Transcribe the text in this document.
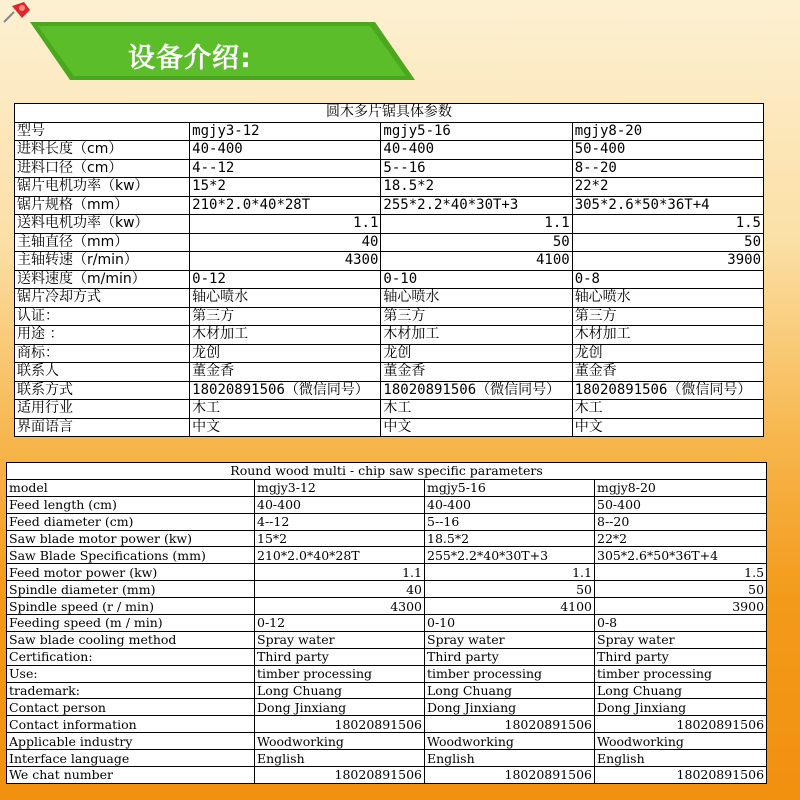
设备介绍:
圆木多片锯具体参数			
型号	mgjy3-12	mgjy5-16	mgjy8-20
进料长度（cm）	40-400	40-400	50-400
进料口径（cm）	4--12	5--16	8--20
锯片电机功率（kw）	15*2	18.5*2	22*2
锯片规格（mm）	210*2.0*40*28T	255*2.2*40*30T+3	305*2.6*50*36T+4
送料电机功率（kw）	1.1	1.1	1.5
主轴直径（mm）	40	50	50
主轴转速（r/min）	4300	4100	3900
送料速度（m/min）	0-12	0-10	0-8
锯片冷却方式	轴心喷水	轴心喷水	轴心喷水
认证：	第三方	第三方	第三方
用途 ：	木材加工	木材加工	木材加工
商标：	龙创	龙创	龙创
联系人	董金香	董金香	董金香
联系方式	18020891506（微信同号）	18020891506（微信同号）	18020891506（微信同号）
适用行业	木工	木工	木工
界面语言	中文	中文	中文
Round wood multi - chip saw specific parameters			
model	mgjy3-12	mgjy5-16	mgjy8-20
Feed length (cm)	40-400	40-400	50-400
Feed diameter (cm)	4--12	5--16	8--20
Saw blade motor power (kw)	15*2	18.5*2	22*2
Saw Blade Specifications (mm)	210*2.0*40*28T	255*2.2*40*30T+3	305*2.6*50*36T+4
Feed motor power (kw)	1.1	1.1	1.5
Spindle diameter (mm)	40	50	50
Spindle speed (r / min)	4300	4100	3900
Feeding speed (m / min)	0-12	0-10	0-8
Saw blade cooling method	Spray water	Spray water	Spray water
Certification:	Third party	Third party	Third party
Use:	timber processing	timber processing	timber processing
trademark:	Long Chuang	Long Chuang	Long Chuang
Contact person	Dong Jinxiang	Dong Jinxiang	Dong Jinxiang
Contact information	18020891506	18020891506	18020891506
Applicable industry	Woodworking	Woodworking	Woodworking
Interface language	English	English	English
We chat number	18020891506	18020891506	18020891506
